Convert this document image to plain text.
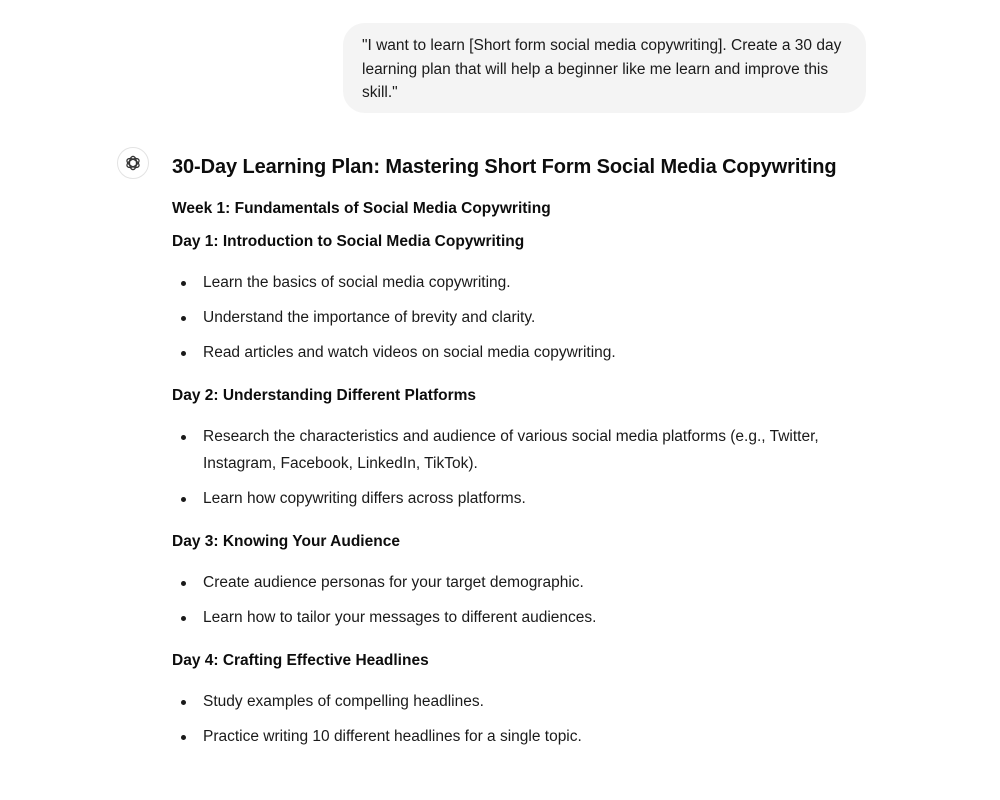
"I want to learn [Short form social media copywriting]. Create a 30 day learning plan that will help a beginner like me learn and improve this skill."
30-Day Learning Plan: Mastering Short Form Social Media Copywriting
Week 1: Fundamentals of Social Media Copywriting
Day 1: Introduction to Social Media Copywriting
Learn the basics of social media copywriting.
Understand the importance of brevity and clarity.
Read articles and watch videos on social media copywriting.
Day 2: Understanding Different Platforms
Research the characteristics and audience of various social media platforms (e.g., Twitter, Instagram, Facebook, LinkedIn, TikTok).
Learn how copywriting differs across platforms.
Day 3: Knowing Your Audience
Create audience personas for your target demographic.
Learn how to tailor your messages to different audiences.
Day 4: Crafting Effective Headlines
Study examples of compelling headlines.
Practice writing 10 different headlines for a single topic.
